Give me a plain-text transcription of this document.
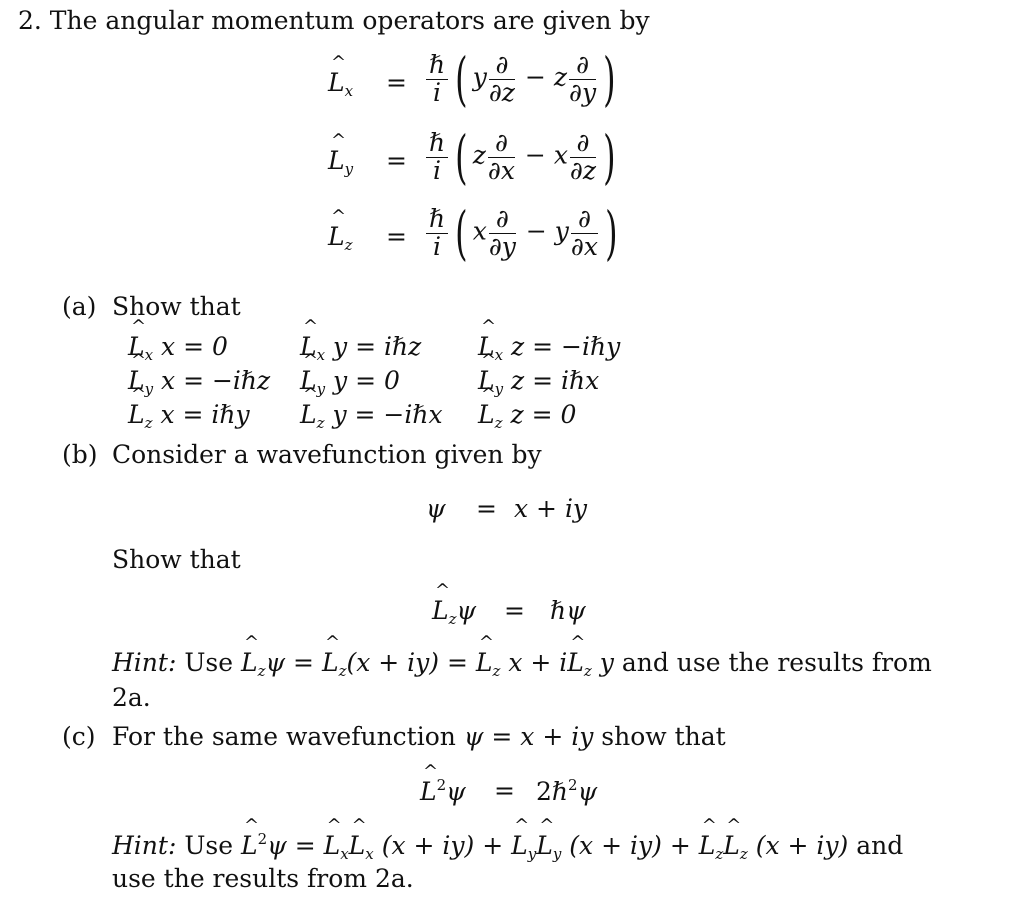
2. The angular momentum operators are given by
^ $L_x = \frac{\text{ℏ}}{i}$ ( y $\frac{\partial}{\partial z} - z \frac{\partial}{\partial y}$ )
^ $L_y = \frac{\text{ℏ}}{i}$ ( z $\frac{\partial}{\partial x} - x \frac{\partial}{\partial z}$ )
^ $L_z = \frac{\text{ℏ}}{i}$ ( x $\frac{\partial}{\partial y} - y \frac{\partial}{\partial x}$ )
(a) Show that
^ $L_x$ x = 0	^ $L_x$ y = iℏz ^ $L_x$ z = −iℏy
^ $L_y$ x = −iℏz ^ $L_y$ y = 0	^ $L_y$ z = iℏx
^ $L_z$ x = iℏy ^ $L_z$ y = −iℏx ^ $L_z$ z = 0
(b) Consider a wavefunction given by
ψ = x + iy
Show that
^ $L_z\psi$ = ℏψ
Hint: Use ^ $L_z\psi$ = ^ $L_z(x + iy)$ = ^ $L_z$ x + i^ $L_z$ y and use the results from
2a.
(c) For the same wavefunction ψ = x + iy show that
^ $L^2\psi$ = 2ℏ$^2$ψ
Hint: Use ^ $L^2\psi$ = ^ $L_x\^{}$ $L_x$ (x + iy) + ^ $L_y\^{}$ $L_y$ (x + iy) + ^ $L_z\^{}$ $L_z$ (x + iy) and
use the results from 2a.
